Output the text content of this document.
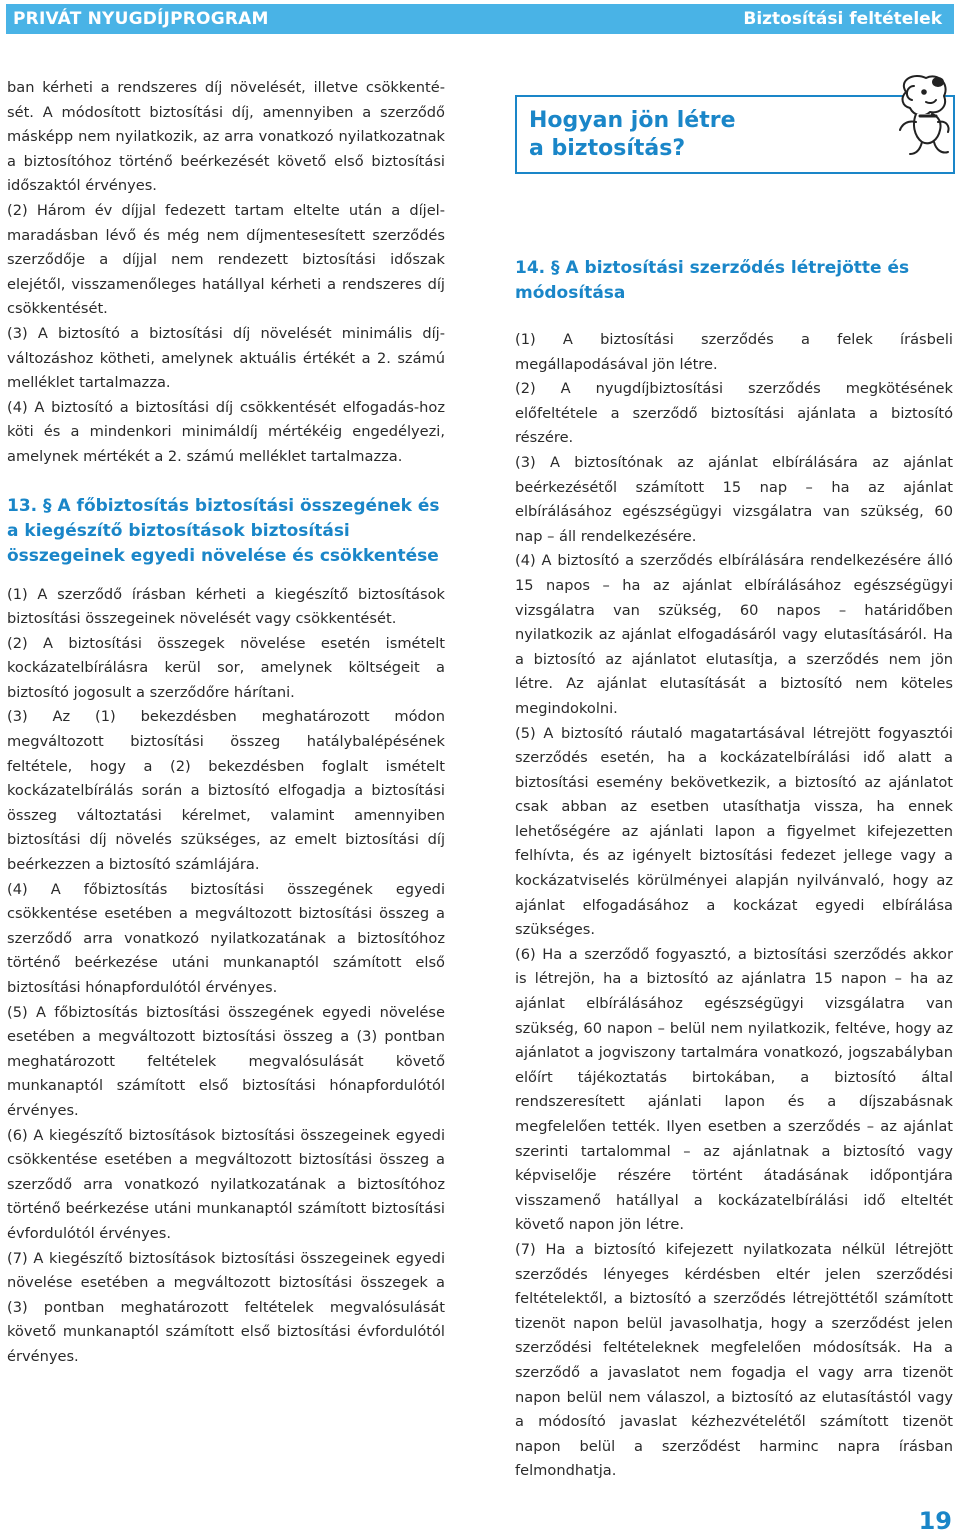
PRIVÁT NYUGDÍJPROGRAM	Biztosítási feltételek

ban kérheti a rendszeres díj növelését, illetve csökkenté-sét. A módosított biztosítási díj, amennyiben a szerződő másképp nem nyilatkozik, az arra vonatkozó nyilatkozatnak a biztosítóhoz történő beérkezését követő első biztosítási időszaktól érvényes.

(2) Három év díjjal fedezett tartam eltelte után a díjel-maradásban lévő és még nem díjmentesesített szerződés szerződője a díjjal nem rendezett biztosítási időszak elejétől, visszamenőleges hatállyal kérheti a rendszeres díj csökkentését.

(3) A biztosító a biztosítási díj növelését minimális díj-változáshoz kötheti, amelynek aktuális értékét a 2. számú melléklet tartalmazza.

(4) A biztosító a biztosítási díj csökkentését elfogadás-hoz köti és a mindenkori minimáldíj mértékéig engedélyezi, amelynek mértékét a 2. számú melléklet tartalmazza.

13. § A főbiztosítás biztosítási összegének és a kiegészítő biztosítások biztosítási összegeinek egyedi növelése és csökkentése

(1) A szerződő írásban kérheti a kiegészítő biztosítások biztosítási összegeinek növelését vagy csökkentését.

(2) A biztosítási összegek növelése esetén ismételt kockázatelbírálásra kerül sor, amelynek költségeit a biztosító jogosult a szerződőre hárítani.

(3) Az (1) bekezdésben meghatározott módon megváltozott biztosítási összeg hatálybalépésének feltétele, hogy a (2) bekezdésben foglalt ismételt kockázatelbírálás során a biztosító elfogadja a biztosítási összeg változtatási kérelmet, valamint amennyiben biztosítási díj növelés szükséges, az emelt biztosítási díj beérkezzen a biztosító számlájára.

(4) A főbiztosítás biztosítási összegének egyedi csökkentése esetében a megváltozott biztosítási összeg a szerződő arra vonatkozó nyilatkozatának a biztosítóhoz történő beérkezése utáni munkanaptól számított első biztosítási hónapfordulótól érvényes.

(5) A főbiztosítás biztosítási összegének egyedi növelése esetében a megváltozott biztosítási összeg a (3) pontban meghatározott feltételek megvalósulását követő munkanaptól számított első biztosítási hónapfordulótól érvényes.

(6) A kiegészítő biztosítások biztosítási összegeinek egyedi csökkentése esetében a megváltozott biztosítási összeg a szerződő arra vonatkozó nyilatkozatának a biztosítóhoz történő beérkezése utáni munkanaptól számított biztosítási évfordulótól érvényes.

(7) A kiegészítő biztosítások biztosítási összegeinek egyedi növelése esetében a megváltozott biztosítási összegek a (3) pontban meghatározott feltételek megvalósulását követő munkanaptól számított első biztosítási évfordulótól érvényes.

Hogyan jön létre
a biztosítás?

14. § A biztosítási szerződés létrejötte és módosítása

(1) A biztosítási szerződés a felek írásbeli megállapodásával jön létre.

(2) A nyugdíjbiztosítási szerződés megkötésének előfeltétele a szerződő biztosítási ajánlata a biztosító részére.

(3) A biztosítónak az ajánlat elbírálására az ajánlat beérkezésétől számított 15 nap – ha az ajánlat elbírálásához egészségügyi vizsgálatra van szükség, 60 nap – áll rendelkezésére.

(4) A biztosító a szerződés elbírálására rendelkezésére álló 15 napos – ha az ajánlat elbírálásához egészségügyi vizsgálatra van szükség, 60 napos – határidőben nyilatkozik az ajánlat elfogadásáról vagy elutasításáról. Ha a biztosító az ajánlatot elutasítja, a szerződés nem jön létre. Az ajánlat elutasítását a biztosító nem köteles megindokolni.

(5) A biztosító ráutaló magatartásával létrejött fogyasztói szerződés esetén, ha a kockázatelbírálási idő alatt a biztosítási esemény bekövetkezik, a biztosító az ajánlatot csak abban az esetben utasíthatja vissza, ha ennek lehetőségére az ajánlati lapon a figyelmet kifejezetten felhívta, és az igényelt biztosítási fedezet jellege vagy a kockázatviselés körülményei alapján nyilvánvaló, hogy az ajánlat elfogadásához a kockázat egyedi elbírálása szükséges.

(6) Ha a szerződő fogyasztó, a biztosítási szerződés akkor is létrejön, ha a biztosító az ajánlatra 15 napon – ha az ajánlat elbírálásához egészségügyi vizsgálatra van szükség, 60 napon – belül nem nyilatkozik, feltéve, hogy az ajánlatot a jogviszony tartalmára vonatkozó, jogszabályban előírt tájékoztatás birtokában, a biztosító által rendszeresített ajánlati lapon és a díjszabásnak megfelelően tették. Ilyen esetben a szerződés – az ajánlat szerinti tartalommal – az ajánlatnak a biztosító vagy képviselője részére történt átadásának időpontjára visszamenő hatállyal a kockázatelbírálási idő elteltét követő napon jön létre.

(7) Ha a biztosító kifejezett nyilatkozata nélkül létrejött szerződés lényeges kérdésben eltér jelen szerződési feltételektől, a biztosító a szerződés létrejöttétől számított tizenöt napon belül javasolhatja, hogy a szerződést jelen szerződési feltételeknek megfelelően módosítsák. Ha a szerződő a javaslatot nem fogadja el vagy arra tizenöt napon belül nem válaszol, a biztosító az elutasítástól vagy a módosító javaslat kézhezvételétől számított tizenöt napon belül a szerződést harminc napra írásban felmondhatja.

19
